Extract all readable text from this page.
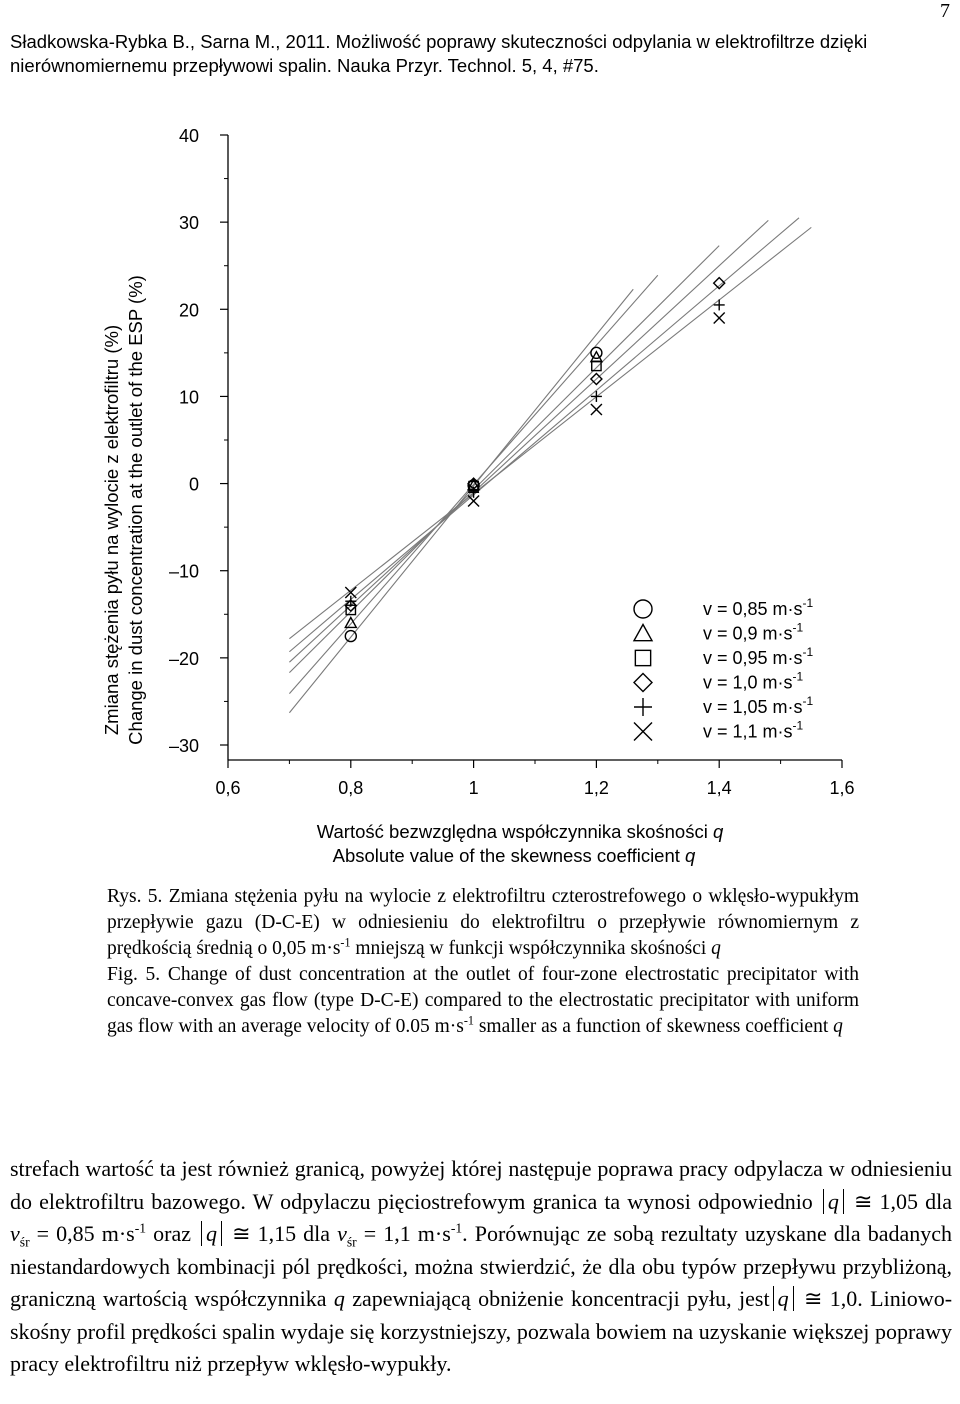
7
Sładkowska-Rybka B., Sarna M., 2011. Możliwość poprawy skuteczności odpylania w elektrofiltrze dzięki nierównomiernemu przepływowi spalin. Nauka Przyr. Technol. 5, 4, #75.
40
30
20
10
0
–10
–20
–30
0,6	0,8	1	1,2	1,4	1,6
v = 0,85 $m\cdot s^{-1}$
v = 0,9 $m\cdot s^{-1}$
v = 0,95 $m\cdot s^{-1}$
v = 1,0 $m\cdot s^{-1}$
v = 1,05 $m\cdot s^{-1}$
v = 1,1 $m\cdot s^{-1}$
Zmiana stężenia pyłu na wylocie z elektrofiltru (%) Change in dust concentration at the outlet of the ESP (%)
Wartość bezwzględna współczynnika skośności q
Absolute value of the skewness coefficient q

Rys. 5. Zmiana stężenia pyłu na wylocie z elektrofiltru czterostrefowego o wklęsło-wypukłym przepływie gazu (D-C-E) w odniesieniu do elektrofiltru o przepływie równomiernym z prędkością średnią o 0,05 $m\cdot s^{-1}$ mniejszą w funkcji współczynnika skośności q

Fig. 5. Change of dust concentration at the outlet of four-zone electrostatic precipitator with concave-convex gas flow (type D-C-E) compared to the electrostatic precipitator with uniform gas flow with an average velocity of 0.05 $m\cdot s^{-1}$ smaller as a function of skewness coefficient q

strefach wartość ta jest również granicą, powyżej której następuje poprawa pracy odpylacza w odniesieniu do elektrofiltru bazowego. W odpylaczu pięciostrefowym granica ta wynosi odpowiednio q ≅ 1,05 dla $v_{śr} = 0,85$ $m\cdot s^{-1}$ oraz q ≅ 1,15 dla $v_{śr} = 1,1$ $m\cdot s^{-1}$. Porównując ze sobą rezultaty uzyskane dla badanych niestandardowych kombinacji pól prędkości, można stwierdzić, że dla obu typów przepływu przybliżoną, graniczną wartością współczynnika q zapewniającą obniżenie koncentracji pyłu, jest q ≅ 1,0. Liniowo-skośny profil prędkości spalin wydaje się korzystniejszy, pozwala bowiem na uzyskanie większej poprawy pracy elektrofiltru niż przepływ wklęsło-wypukły.
